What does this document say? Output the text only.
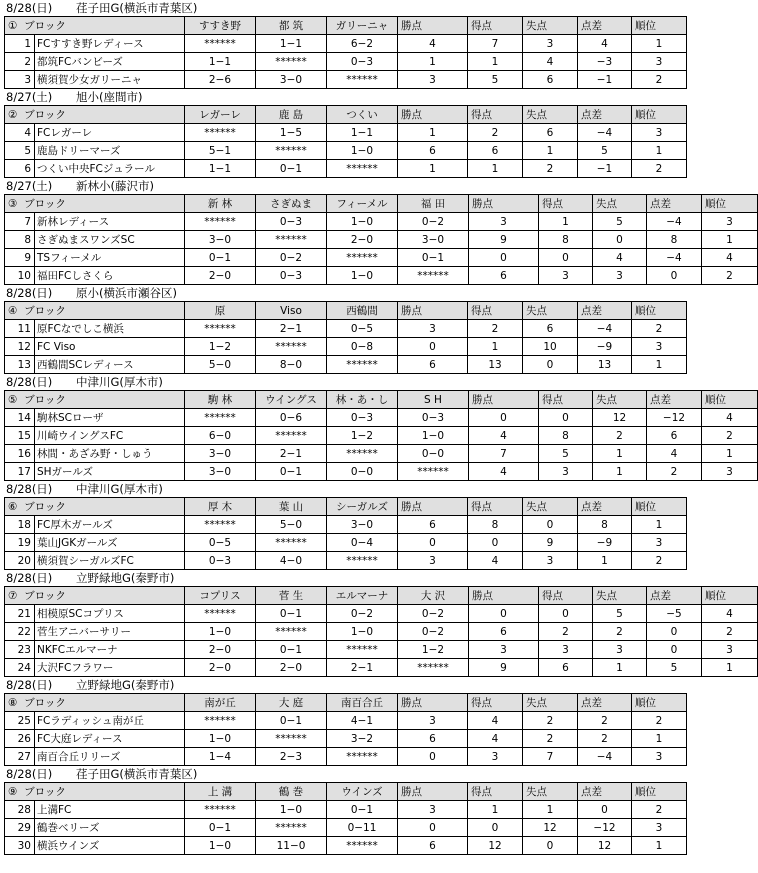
8/28(日) 荏子田G(横浜市青葉区)
① ブロック		すすき野	都 筑	ガリーニャ	勝点	得点	失点	点差	順位
1	FCすすき野レディース	******	1−1	6−2	4	7	3	4	1
2	都筑FCバンビーズ	1−1	******	0−3	1	1	4	−3	3
3	横須賀少女ガリーニャ	2−6	3−0	******	3	5	6	−1	2
8/27(土) 旭小(座間市)
② ブロック		レガーレ	鹿 島	つくい	勝点	得点	失点	点差	順位
4	FCレガーレ	******	1−5	1−1	1	2	6	−4	3
5	鹿島ドリーマーズ	5−1	******	1−0	6	6	1	5	1
6	つくい中央FCジュラール	1−1	0−1	******	1	1	2	−1	2
8/27(土) 新林小(藤沢市)
③ ブロック		新 林	さぎぬま	フィーメル	福 田	勝点	得点	失点	点差	順位
7	新林レディース	******	0−3	1−0	0−2	3	1	5	−4	3
8	さぎぬまスワンズSC	3−0	******	2−0	3−0	9	8	0	8	1
9	TSフィーメル	0−1	0−2	******	0−1	0	0	4	−4	4
10	福田FCしさくら	2−0	0−3	1−0	******	6	3	3	0	2
8/28(日) 原小(横浜市瀬谷区)
④ ブロック		原	Viso	西鶴間	勝点	得点	失点	点差	順位
11	原FCなでしこ横浜	******	2−1	0−5	3	2	6	−4	2
12	FC Viso	1−2	******	0−8	0	1	10	−9	3
13	西鶴間SCレディース	5−0	8−0	******	6	13	0	13	1
8/28(日) 中津川G(厚木市)
⑤ ブロック		駒 林	ウイングス	林・あ・し	S H	勝点	得点	失点	点差	順位
14	駒林SCローザ	******	0−6	0−3	0−3	0	0	12	−12	4
15	川崎ウイングスFC	6−0	******	1−2	1−0	4	8	2	6	2
16	林間・あざみ野・しゅう	3−0	2−1	******	0−0	7	5	1	4	1
17	SHガールズ	3−0	0−1	0−0	******	4	3	1	2	3
8/28(日) 中津川G(厚木市)
⑥ ブロック		厚 木	葉 山	シーガルズ	勝点	得点	失点	点差	順位
18	FC厚木ガールズ	******	5−0	3−0	6	8	0	8	1
19	葉山JGKガールズ	0−5	******	0−4	0	0	9	−9	3
20	横須賀シーガルズFC	0−3	4−0	******	3	4	3	1	2
8/28(日) 立野緑地G(秦野市)
⑦ ブロック		コプリス	菅 生	エルマーナ	大 沢	勝点	得点	失点	点差	順位
21	相模原SCコプリス	******	0−1	0−2	0−2	0	0	5	−5	4
22	菅生アニバーサリー	1−0	******	1−0	0−2	6	2	2	0	2
23	NKFCエルマーナ	2−0	0−1	******	1−2	3	3	3	0	3
24	大沢FCフラワー	2−0	2−0	2−1	******	9	6	1	5	1
8/28(日) 立野緑地G(秦野市)
⑧ ブロック		南が丘	大 庭	南百合丘	勝点	得点	失点	点差	順位
25	FCラディッシュ南が丘	******	0−1	4−1	3	4	2	2	2
26	FC大庭レディース	1−0	******	3−2	6	4	2	2	1
27	南百合丘リリーズ	1−4	2−3	******	0	3	7	−4	3
8/28(日) 荏子田G(横浜市青葉区)
⑨ ブロック		上 溝	鶴 巻	ウインズ	勝点	得点	失点	点差	順位
28	上溝FC	******	1−0	0−1	3	1	1	0	2
29	鶴巻ベリーズ	0−1	******	0−11	0	0	12	−12	3
30	横浜ウインズ	1−0	11−0	******	6	12	0	12	1
